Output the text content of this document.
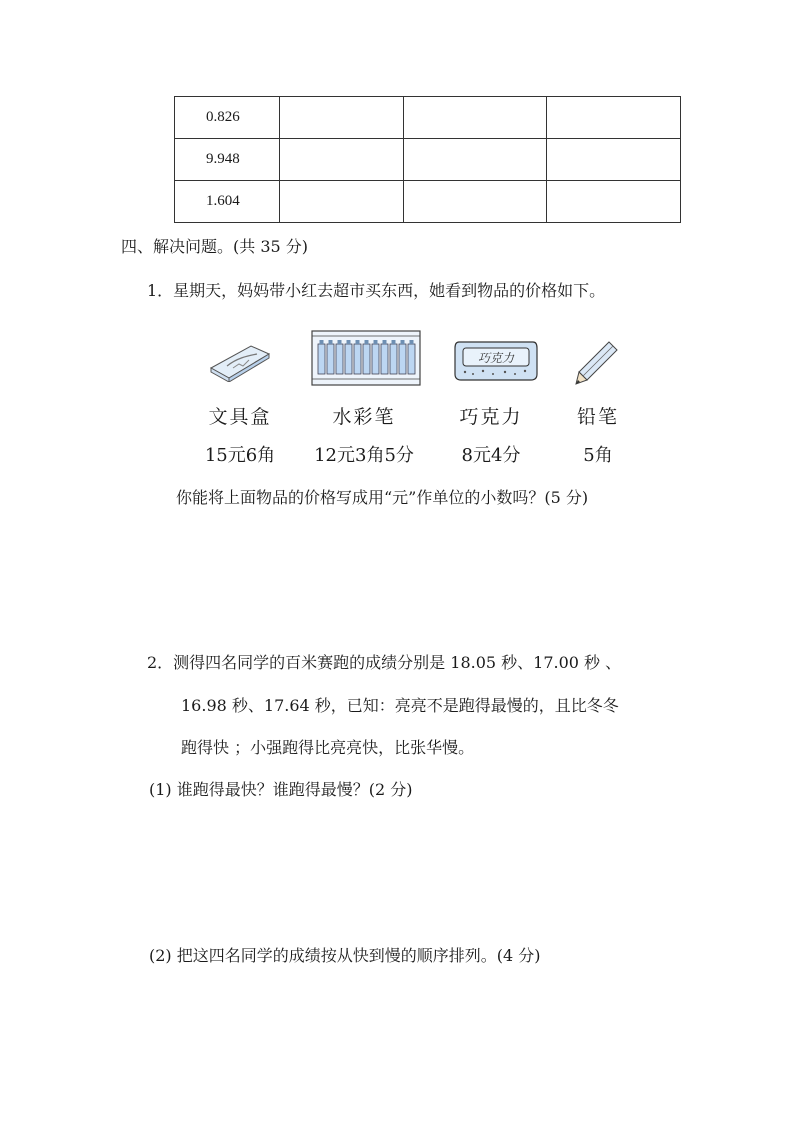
0.826			
9.948			
1.604			
四、解决问题。(共 35 分)
1．星期天，妈妈带小红去超市买东西，她看到物品的价格如下。
巧克力
文具盒
15元6角
水彩笔
12元3角5分
巧克力
8元4分
铅笔
5角
你能将上面物品的价格写成用“元”作单位的小数吗？(5 分)
2．测得四名同学的百米赛跑的成绩分别是 18.05 秒、17.00 秒 、
16.98 秒、17.64 秒，已知：亮亮不是跑得最慢的，且比冬冬
跑得快 ；小强跑得比亮亮快，比张华慢。
(1) 谁跑得最快？谁跑得最慢？(2 分)
(2) 把这四名同学的成绩按从快到慢的顺序排列。(4 分)
